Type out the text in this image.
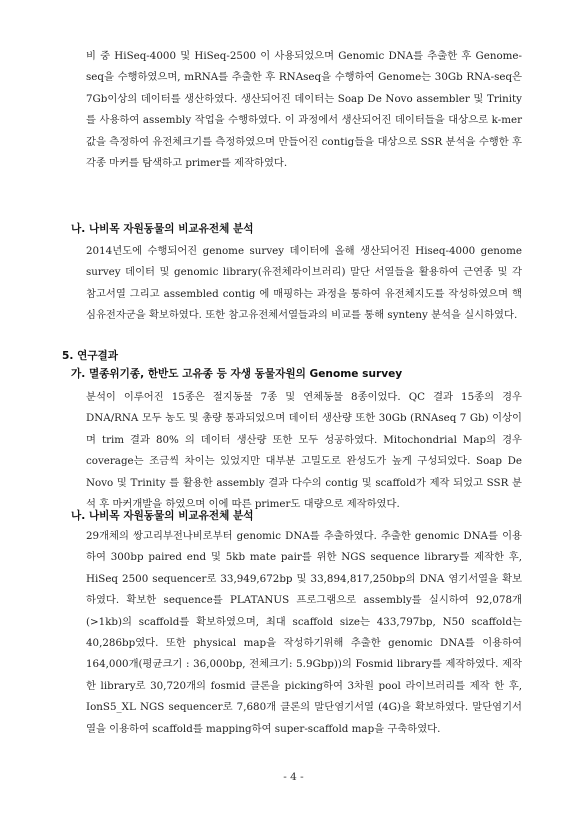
비 중 HiSeq-4000 및 HiSeq-2500 이 사용되었으며 Genomic DNA를 추출한 후 Genome-seq을 수행하였으며, mRNA를 추출한 후 RNAseq을 수행하여 Genome는 30Gb RNA-seq은 7Gb이상의 데이터를 생산하였다. 생산되어진 데이터는 Soap De Novo assembler 및 Trinity 를 사용하여 assembly 작업을 수행하였다. 이 과정에서 생산되어진 데이터들을 대상으로 k-mer 값을 측정하여 유전체크기를 측정하였으며 만들어진 contig들을 대상으로 SSR 분석을 수행한 후 각종 마커를 탐색하고 primer를 제작하였다.

나. 나비목 자원동물의 비교유전체 분석

2014년도에 수행되어진 genome survey 데이터에 올해 생산되어진 Hiseq-4000 genome survey 데이터 및 genomic library(유전체라이브러리) 말단 서열들을 활용하여 근연종 및 각 참고서열 그리고 assembled contig 에 매핑하는 과정을 통하여 유전체지도를 작성하였으며 핵심유전자군을 확보하였다. 또한 참고유전체서열들과의 비교를 통해 synteny 분석을 실시하였다.

5. 연구결과

가. 멸종위기종, 한반도 고유종 등 자생 동물자원의 Genome survey

분석이 이루어진 15종은 절지동물 7종 및 연체동물 8종이었다. QC 결과 15종의 경우 DNA/RNA 모두 농도 및 총량 통과되었으며 데이터 생산량 또한 30Gb (RNAseq 7 Gb) 이상이며 trim 결과 80% 의 데이터 생산량 또한 모두 성공하였다. Mitochondrial Map의 경우 coverage는 조금씩 차이는 있었지만 대부분 고밀도로 완성도가 높게 구성되었다. Soap De Novo 및 Trinity 를 활용한 assembly 결과 다수의 contig 및 scaffold가 제작 되었고 SSR 분석 후 마커개발을 하였으며 이에 따른 primer도 대량으로 제작하였다.

나. 나비목 자원동물의 비교유전체 분석

29개체의 쌍고리부전나비로부터 genomic DNA를 추출하였다. 추출한 genomic DNA를 이용하여 300bp paired end 및 5kb mate pair를 위한 NGS sequence library를 제작한 후, HiSeq 2500 sequencer로 33,949,672bp 및 33,894,817,250bp의 DNA 염기서열을 확보하였다. 확보한 sequence를 PLATANUS 프로그램으로 assembly를 실시하여 92,078개(>1kb)의 scaffold를 확보하였으며, 최대 scaffold size는 433,797bp, N50 scaffold는 40,286bp였다. 또한 physical map을 작성하기위해 추출한 genomic DNA를 이용하여 164,000개(평균크기 : 36,000bp, 전체크기: 5.9Gbp))의 Fosmid library를 제작하였다. 제작한 library로 30,720개의 fosmid 클론을 picking하여 3차원 pool 라이브러리를 제작 한 후, IonS5_XL NGS sequencer로 7,680개 클론의 말단염기서열 (4G)을 확보하였다. 말단염기서열을 이용하여 scaffold를 mapping하여 super-scaffold map을 구축하였다.

- 4 -
